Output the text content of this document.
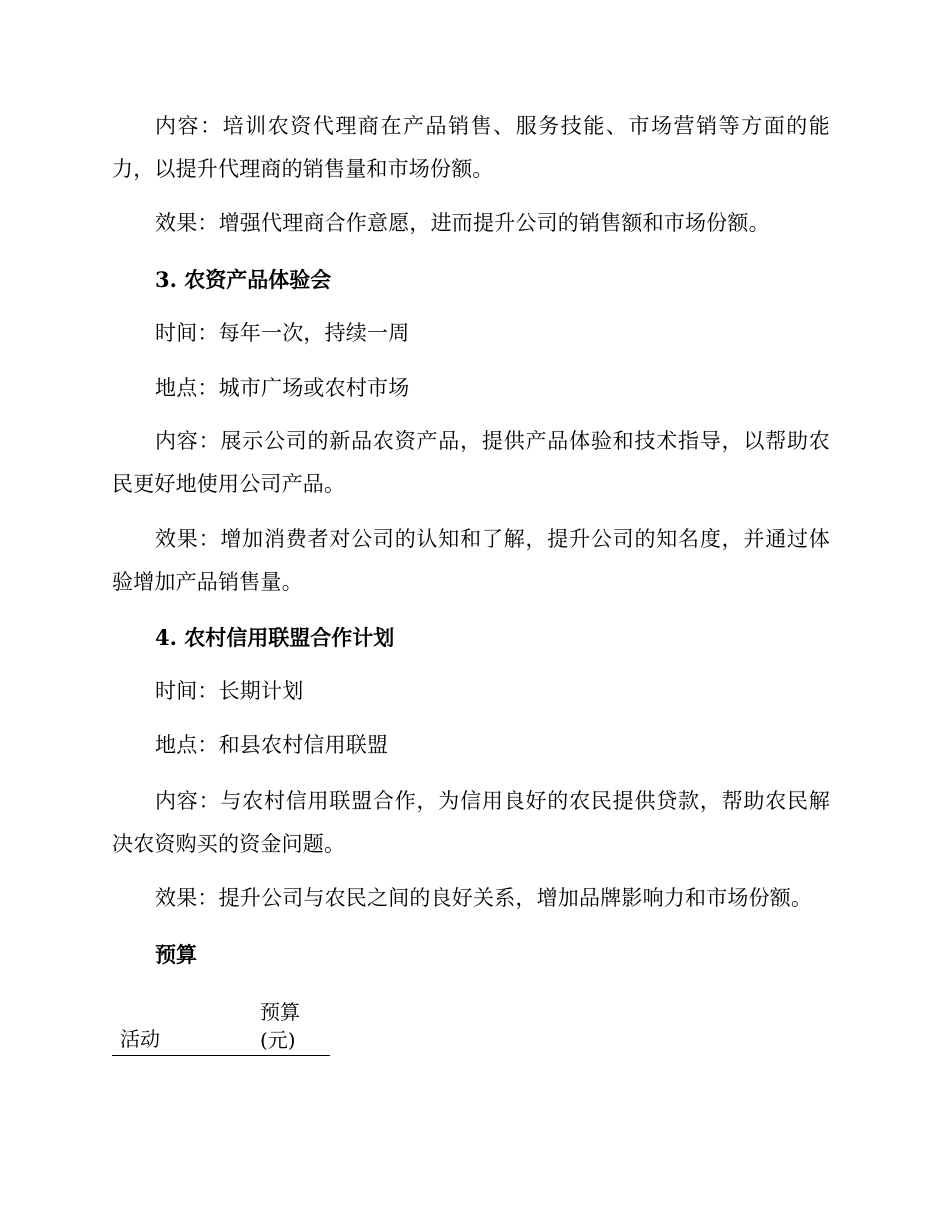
内容：培训农资代理商在产品销售、服务技能、市场营销等方面的能力，以提升代理商的销售量和市场份额。

效果：增强代理商合作意愿，进而提升公司的销售额和市场份额。

3. 农资产品体验会

时间：每年一次，持续一周

地点：城市广场或农村市场

内容：展示公司的新品农资产品，提供产品体验和技术指导，以帮助农民更好地使用公司产品。

效果：增加消费者对公司的认知和了解，提升公司的知名度，并通过体验增加产品销售量。

4. 农村信用联盟合作计划

时间：长期计划

地点：和县农村信用联盟

内容：与农村信用联盟合作，为信用良好的农民提供贷款，帮助农民解决农资购买的资金问题。

效果：提升公司与农民之间的良好关系，增加品牌影响力和市场份额。

预算
活动
预算(元)
